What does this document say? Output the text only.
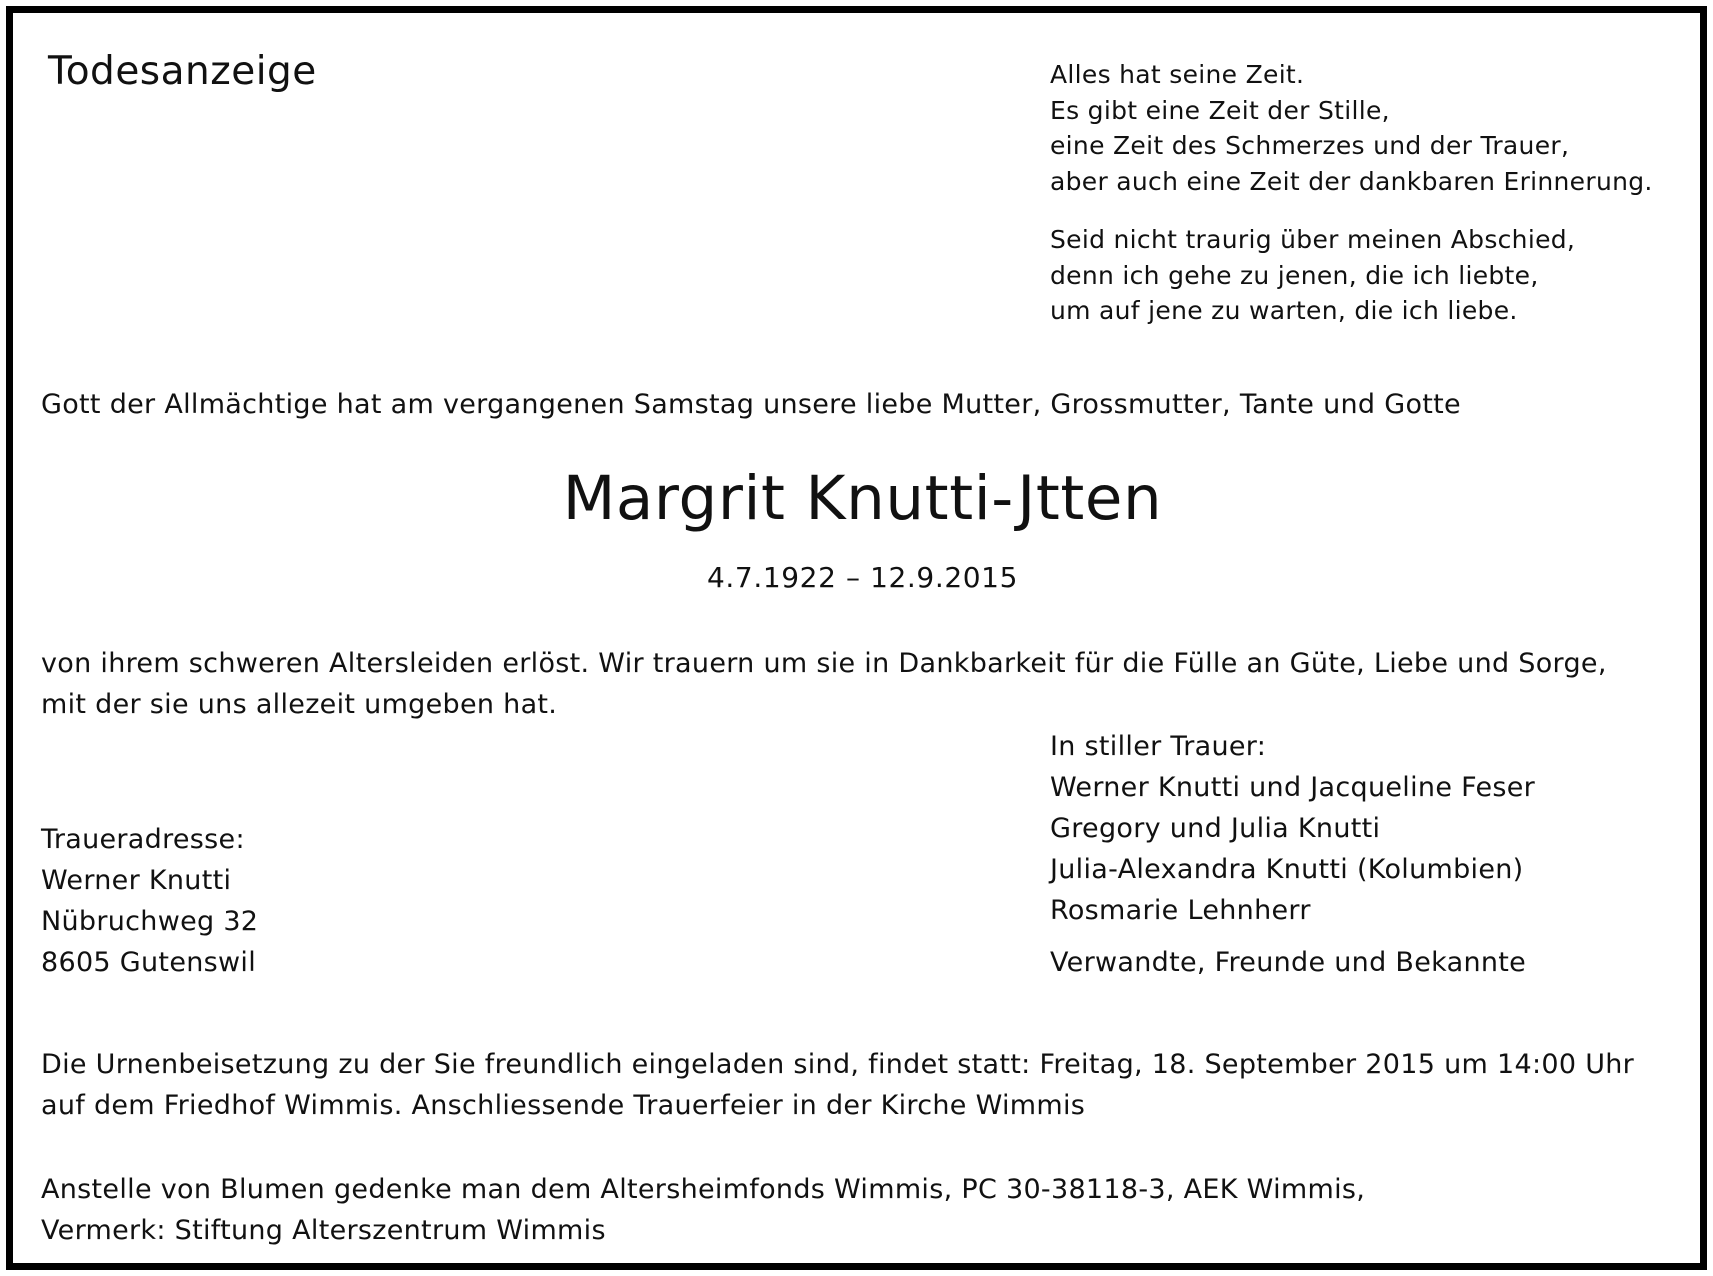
Todesanzeige	Alles hat seine Zeit.
Es gibt eine Zeit der Stille,
eine Zeit des Schmerzes und der Trauer,
aber auch eine Zeit der dankbaren Erinnerung.
Seid nicht traurig über meinen Abschied,
denn ich gehe zu jenen, die ich liebte,
um auf jene zu warten, die ich liebe.
Gott der Allmächtige hat am vergangenen Samstag unsere liebe Mutter, Grossmutter, Tante und Gotte
Margrit Knutti-Jtten
4.7.1922 – 12.9.2015
von ihrem schweren Altersleiden erlöst. Wir trauern um sie in Dankbarkeit für die Fülle an Güte, Liebe und Sorge,
mit der sie uns allezeit umgeben hat.
In stiller Trauer:
Werner Knutti und Jacqueline Feser
Gregory und Julia Knutti
Julia-Alexandra Knutti (Kolumbien)
Rosmarie Lehnherr
Verwandte, Freunde und Bekannte
Traueradresse:
Werner Knutti
Nübruchweg 32
8605 Gutenswil
Die Urnenbeisetzung zu der Sie freundlich eingeladen sind, findet statt: Freitag, 18. September 2015 um 14:00 Uhr
auf dem Friedhof Wimmis. Anschliessende Trauerfeier in der Kirche Wimmis
Anstelle von Blumen gedenke man dem Altersheimfonds Wimmis, PC 30-38118-3, AEK Wimmis,
Vermerk: Stiftung Alterszentrum Wimmis
